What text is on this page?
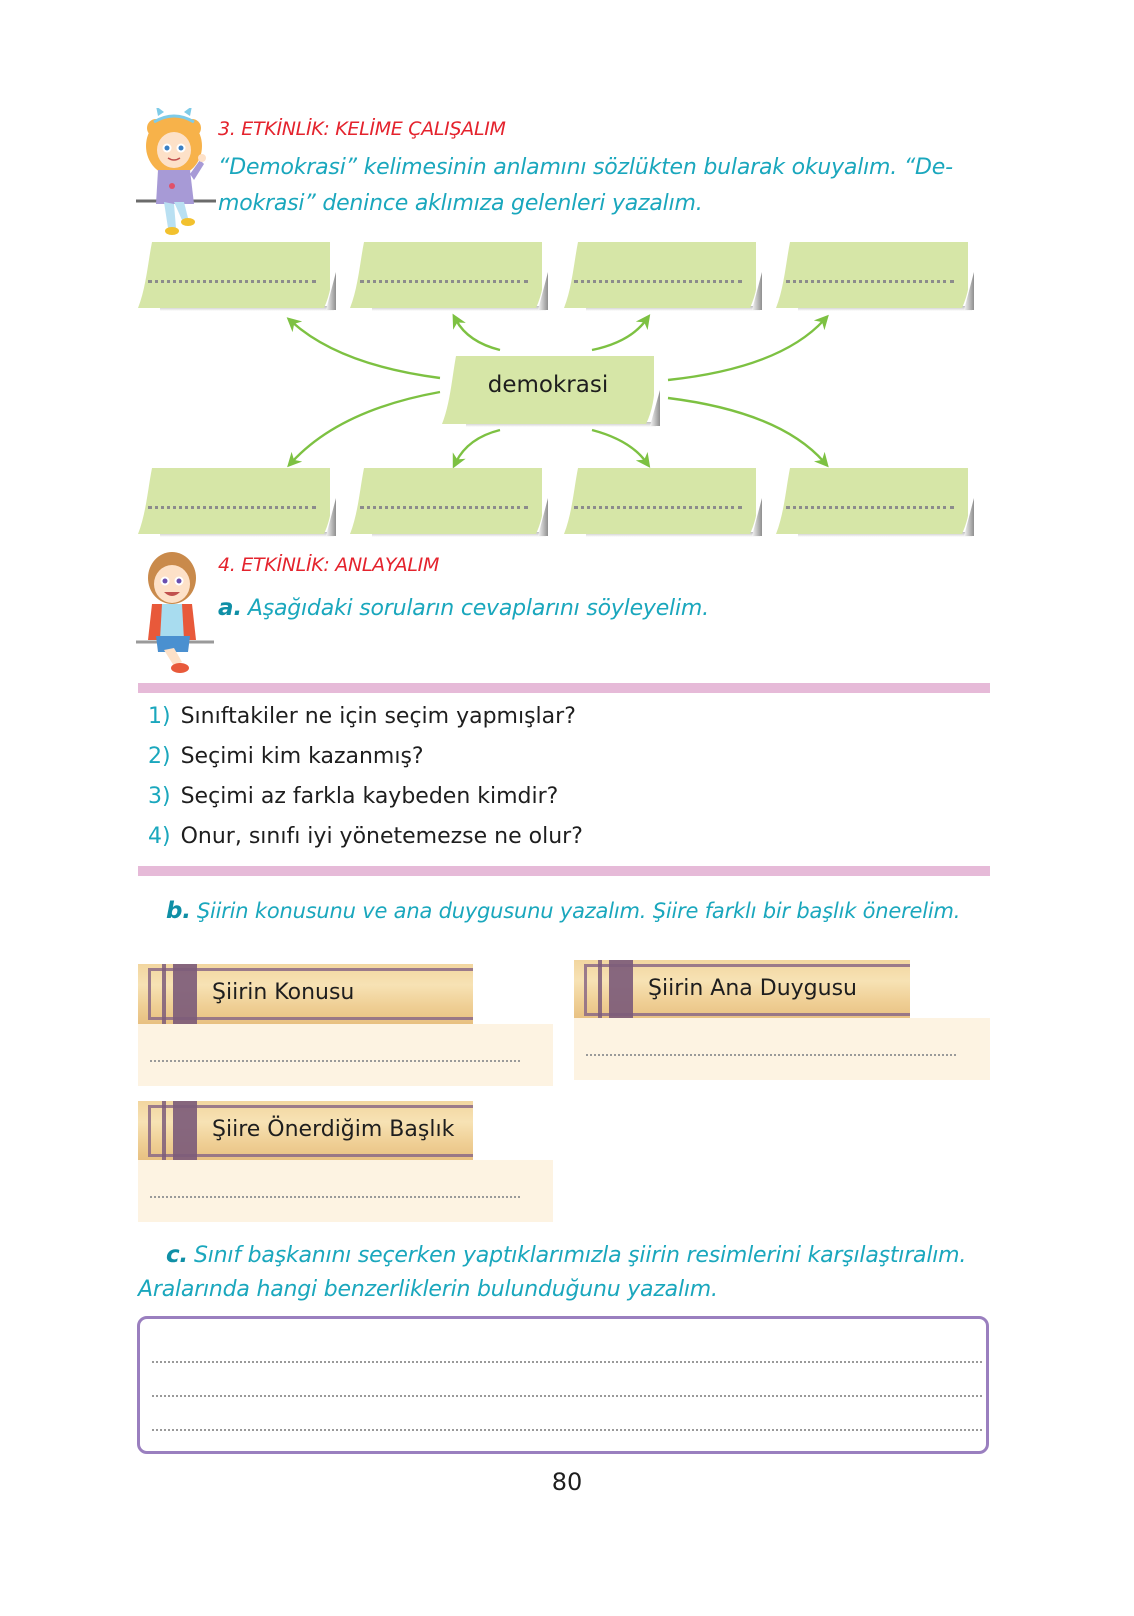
3. ETKİNLİK: KELİME ÇALIŞALIM
“Demokrasi” kelimesinin anlamını sözlükten bularak okuyalım. “De-
mokrasi” denince aklımıza gelenleri yazalım.
demokrasi
4. ETKİNLİK: ANLAYALIM
a. Aşağıdaki soruların cevaplarını söyleyelim.
1) Sınıftakiler ne için seçim yapmışlar?
2) Seçimi kim kazanmış?
3) Seçimi az farkla kaybeden kimdir?
4) Onur, sınıfı iyi yönetemezse ne olur?
b. Şiirin konusunu ve ana duygusunu yazalım. Şiire farklı bir başlık önerelim.
Şiirin Konusu	Şiirin Ana Duygusu
Şiire Önerdiğim Başlık
c. Sınıf başkanını seçerken yaptıklarımızla şiirin resimlerini karşılaştıralım.
Aralarında hangi benzerliklerin bulunduğunu yazalım.
80
